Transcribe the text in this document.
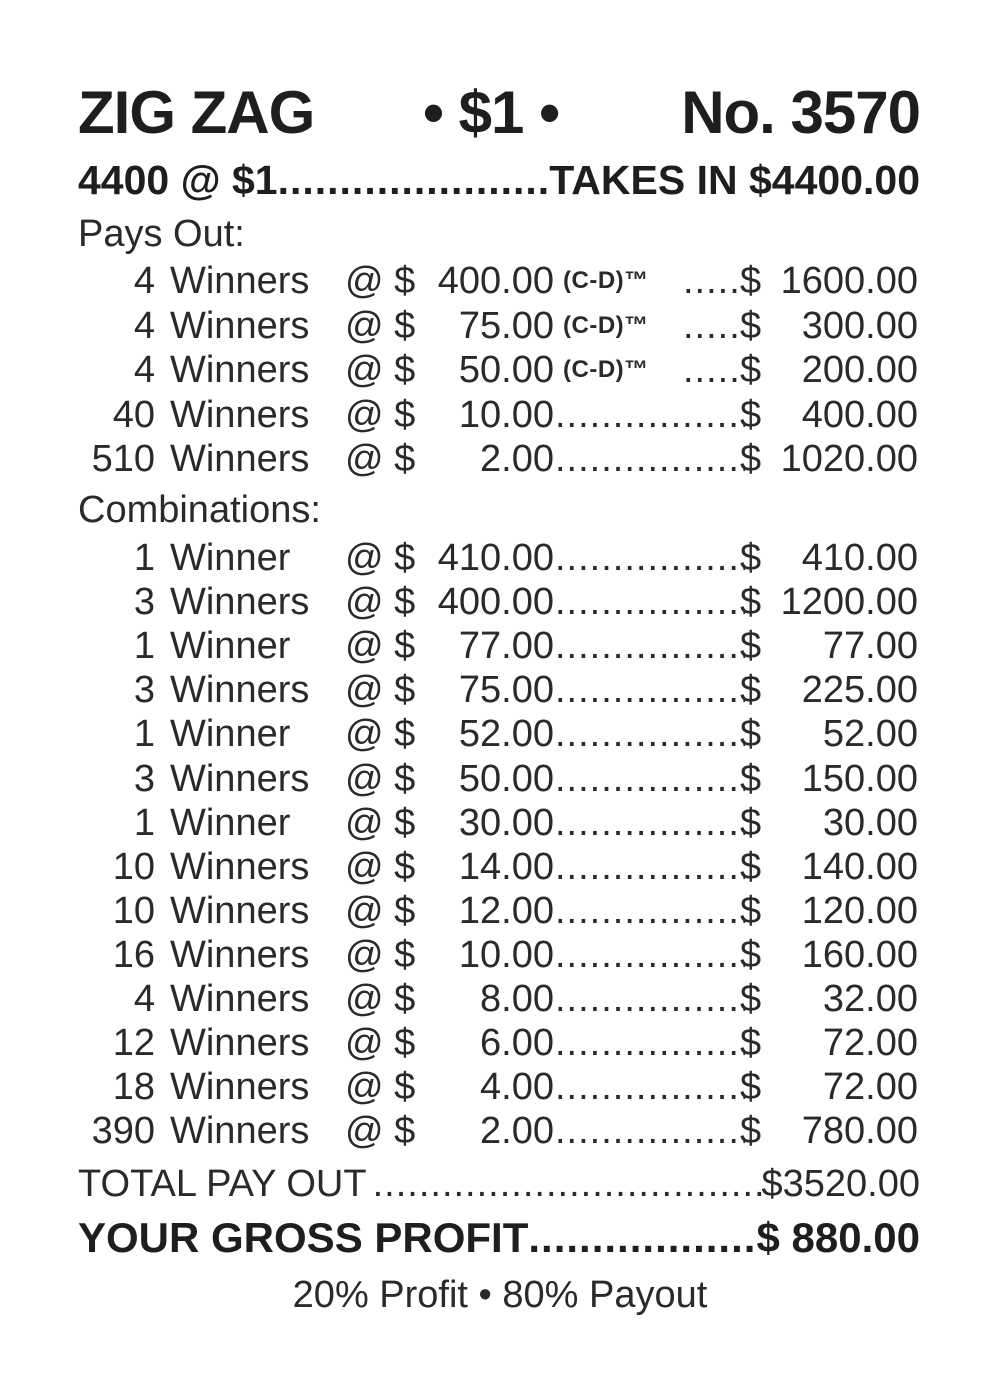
ZIG ZAG • $1 • No. 3570
4400 @ $1 .....	TAKES IN $4400.00
Pays Out:
4 Winners @ $ 400.00 (C-D)™ ..... $ 1600.00
4 Winners @ $ 75.00 (C-D)™ ..... $ 300.00
4 Winners @ $ 50.00 (C-D)™ ..... $ 200.00
40 Winners @ $ 10.00 .....	$ 400.00
510 Winners @ $ 2.00 .....	$ 1020.00
Combinations:
1 Winner @ $ 410.00 .....	$ 410.00
3 Winners @ $ 400.00 .....	$ 1200.00
1 Winner @ $ 77.00 .....	$ 77.00
3 Winners @ $ 75.00 .....	$ 225.00
1 Winner @ $ 52.00 .....	$ 52.00
3 Winners @ $ 50.00 .....	$ 150.00
1 Winner @ $ 30.00 .....	$ 30.00
10 Winners @ $ 14.00 .....	$ 140.00
10 Winners @ $ 12.00 .....	$ 120.00
16 Winners @ $ 10.00 .....	$ 160.00
4 Winners @ $ 8.00 .....	$ 32.00
12 Winners @ $ 6.00 .....	$ 72.00
18 Winners @ $ 4.00 .....	$ 72.00
390 Winners @ $ 2.00 .....	$ 780.00
TOTAL PAY OUT .....	$3520.00
YOUR GROSS PROFIT .....	$ 880.00
20% Profit • 80% Payout
